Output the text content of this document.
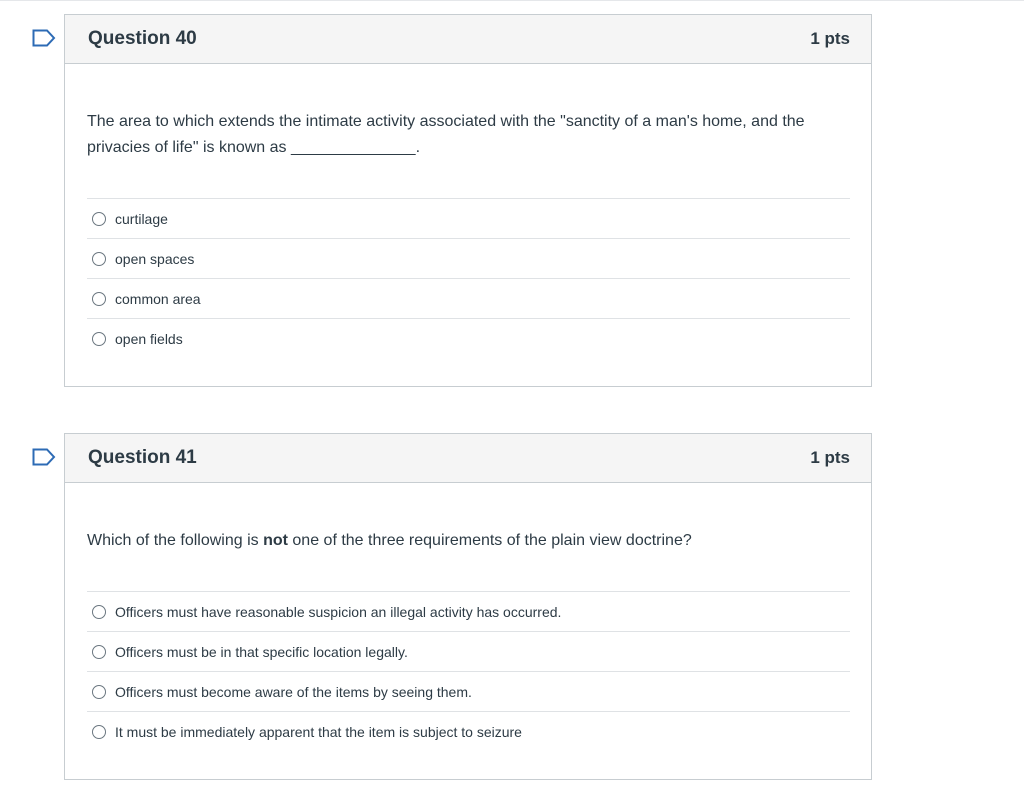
Question 40	1 pts
The area to which extends the intimate activity associated with the "sanctity of a man's home, and the privacies of life" is known as ______________.
curtilage
open spaces
common area
open fields
Question 41	1 pts
Which of the following is not one of the three requirements of the plain view doctrine?
Officers must have reasonable suspicion an illegal activity has occurred.
Officers must be in that specific location legally.
Officers must become aware of the items by seeing them.
It must be immediately apparent that the item is subject to seizure
